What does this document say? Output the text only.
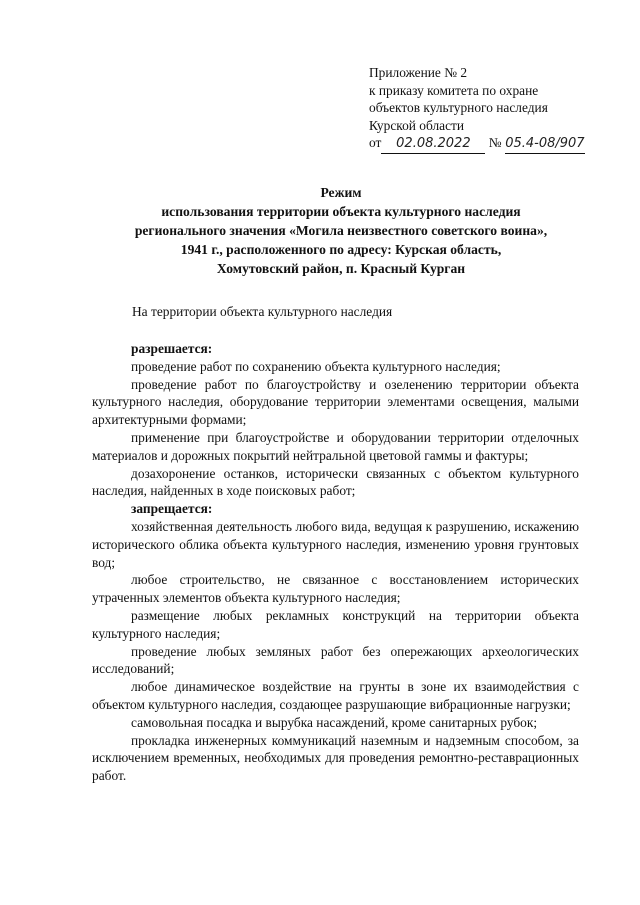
Приложение № 2
к приказу комитета по охране
объектов культурного наследия
Курской области
от 02.08.2022 № 05.4-08/907
Режим
использования территории объекта культурного наследия
регионального значения «Могила неизвестного советского воина»,
1941 г., расположенного по адресу: Курская область,
Хомутовский район, п. Красный Курган
На территории объекта культурного наследия

разрешается:

проведение работ по сохранению объекта культурного наследия;

проведение работ по благоустройству и озеленению территории объекта культурного наследия, оборудование территории элементами освещения, малыми архитектурными формами;

применение при благоустройстве и оборудовании территории отделочных материалов и дорожных покрытий нейтральной цветовой гаммы и фактуры;

дозахоронение останков, исторически связанных с объектом культурного наследия, найденных в ходе поисковых работ;

запрещается:

хозяйственная деятельность любого вида, ведущая к разрушению, искажению исторического облика объекта культурного наследия, изменению уровня грунтовых вод;

любое строительство, не связанное с восстановлением исторических утраченных элементов объекта культурного наследия;

размещение любых рекламных конструкций на территории объекта культурного наследия;

проведение любых земляных работ без опережающих археологических исследований;

любое динамическое воздействие на грунты в зоне их взаимодействия с объектом культурного наследия, создающее разрушающие вибрационные нагрузки;

самовольная посадка и вырубка насаждений, кроме санитарных рубок;

прокладка инженерных коммуникаций наземным и надземным способом, за исключением временных, необходимых для проведения ремонтно-реставрационных работ.
